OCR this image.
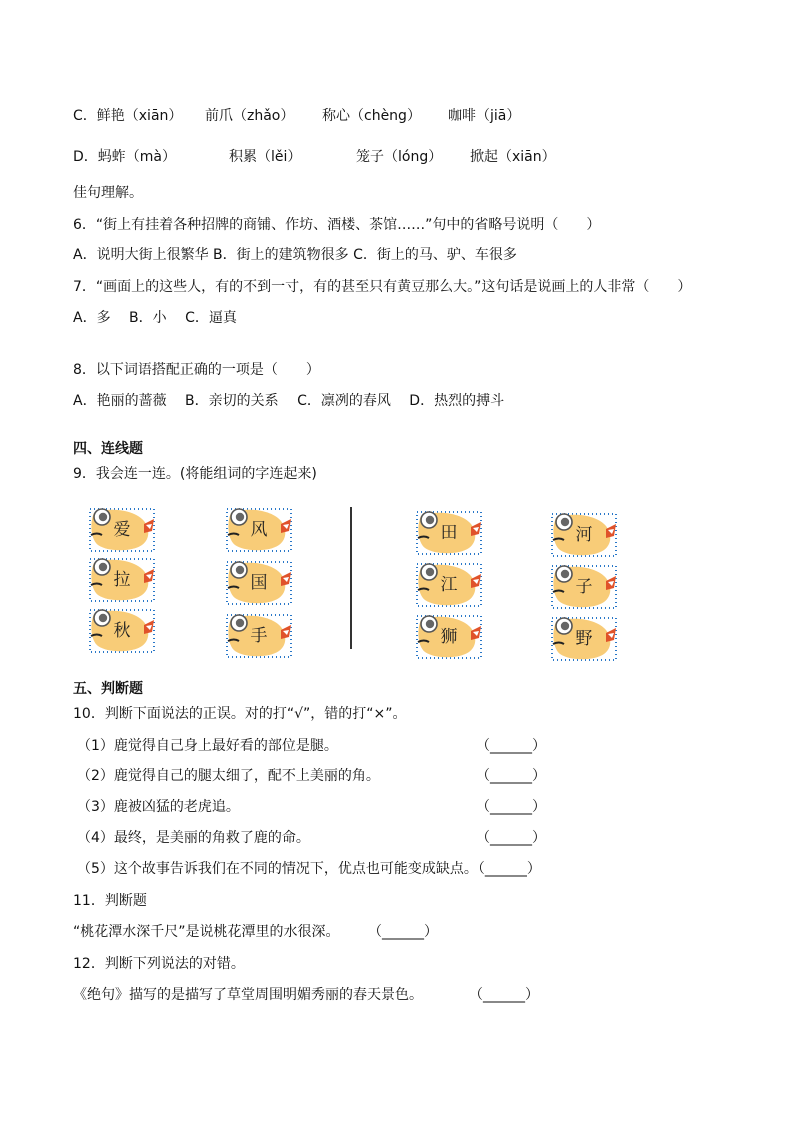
C．鲜艳（xiān） 前爪（zhǎo） 称心（chèng） 咖啡（jiā）
D．蚂蚱（mà）	积累（lěi）	笼子（lóng） 掀起（xiān）
佳句理解。
6．“街上有挂着各种招牌的商铺、作坊、酒楼、茶馆……”句中的省略号说明（　　）
A．说明大街上很繁华 B．街上的建筑物很多 C．街上的马、驴、车很多
7．“画面上的这些人，有的不到一寸，有的甚至只有黄豆那么大。”这句话是说画上的人非常（　　）
A．多　 B．小　 C．逼真
8．以下词语搭配正确的一项是（　　）
A．艳丽的蔷薇　 B．亲切的关系　 C．凛冽的春风　 D．热烈的搏斗
四、连线题
9．我会连一连。(将能组词的字连起来)
爱
拉
秋
风
国
手
田
江
狮
河
子
野
五、判断题
10．判断下面说法的正误。对的打“√”，错的打“×”。
（1）鹿觉得自己身上最好看的部位是腿。	（______）
（2）鹿觉得自己的腿太细了，配不上美丽的角。	（______）
（3）鹿被凶猛的老虎追。	（______）
（4）最终，是美丽的角救了鹿的命。	（______）
（5）这个故事告诉我们在不同的情况下，优点也可能变成缺点。（______）
11．判断题
“桃花潭水深千尺”是说桃花潭里的水很深。 （______）
12．判断下列说法的对错。
《绝句》描写的是描写了草堂周围明媚秀丽的春天景色。	（______）
